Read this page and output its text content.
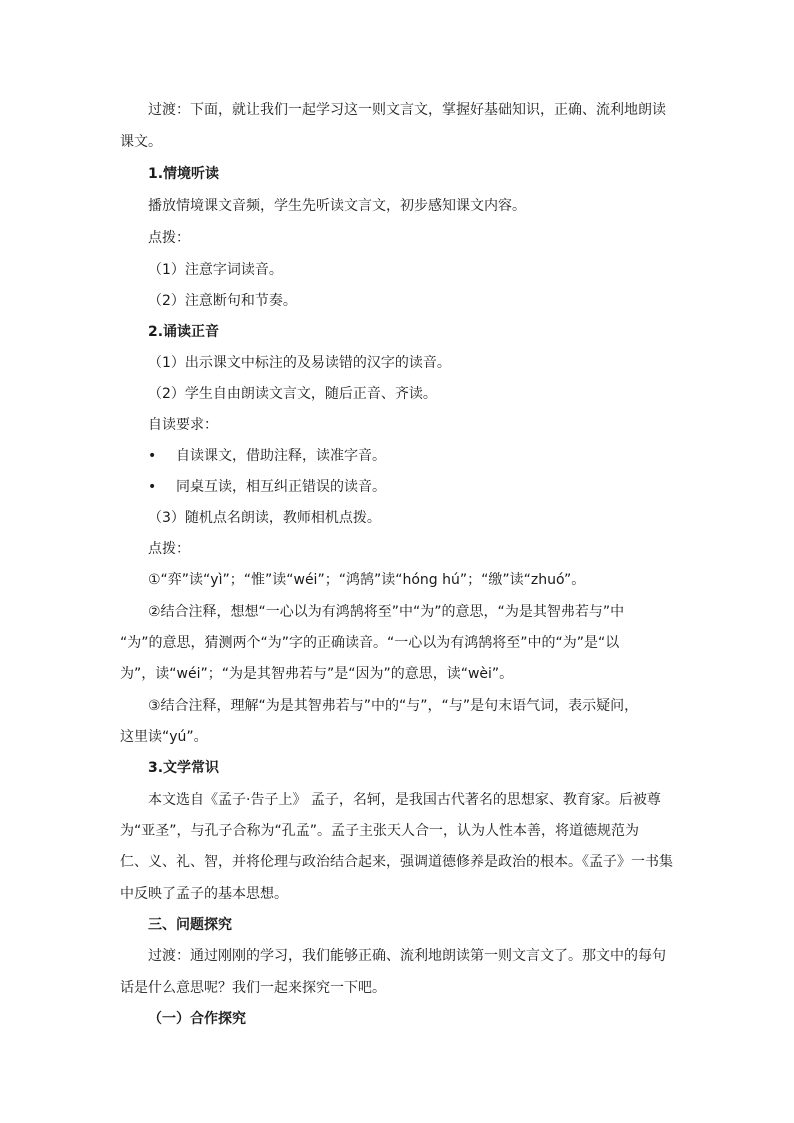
过渡：下面，就让我们一起学习这一则文言文，掌握好基础知识，正确、流利地朗读

课文。

1.情境听读

播放情境课文音频，学生先听读文言文，初步感知课文内容。

点拨：

（1）注意字词读音。

（2）注意断句和节奏。

2.诵读正音

（1）出示课文中标注的及易读错的汉字的读音。

（2）学生自由朗读文言文，随后正音、齐读。

自读要求：

• 自读课文，借助注释，读准字音。

• 同桌互读，相互纠正错误的读音。

（3）随机点名朗读，教师相机点拨。

点拨：

①“弈”读“yì”；“惟”读“wéi”；“鸿鹄”读“hóng hú”；“缴”读“zhuó”。

②结合注释，想想“一心以为有鸿鹄将至”中“为”的意思，“为是其智弗若与”中

“为”的意思，猜测两个“为”字的正确读音。“一心以为有鸿鹄将至”中的“为”是“以

为”，读“wéi”；“为是其智弗若与”是“因为”的意思，读“wèi”。

③结合注释，理解“为是其智弗若与”中的“与”，“与”是句末语气词，表示疑问，

这里读“yú”。

3.文学常识

本文选自《孟子·告子上》 孟子，名轲，是我国古代著名的思想家、教育家。后被尊

为“亚圣”，与孔子合称为“孔孟”。孟子主张天人合一，认为人性本善，将道德规范为

仁、义、礼、智，并将伦理与政治结合起来，强调道德修养是政治的根本。《孟子》一书集

中反映了孟子的基本思想。

三、问题探究

过渡：通过刚刚的学习，我们能够正确、流利地朗读第一则文言文了。那文中的每句

话是什么意思呢？我们一起来探究一下吧。

（一）合作探究
